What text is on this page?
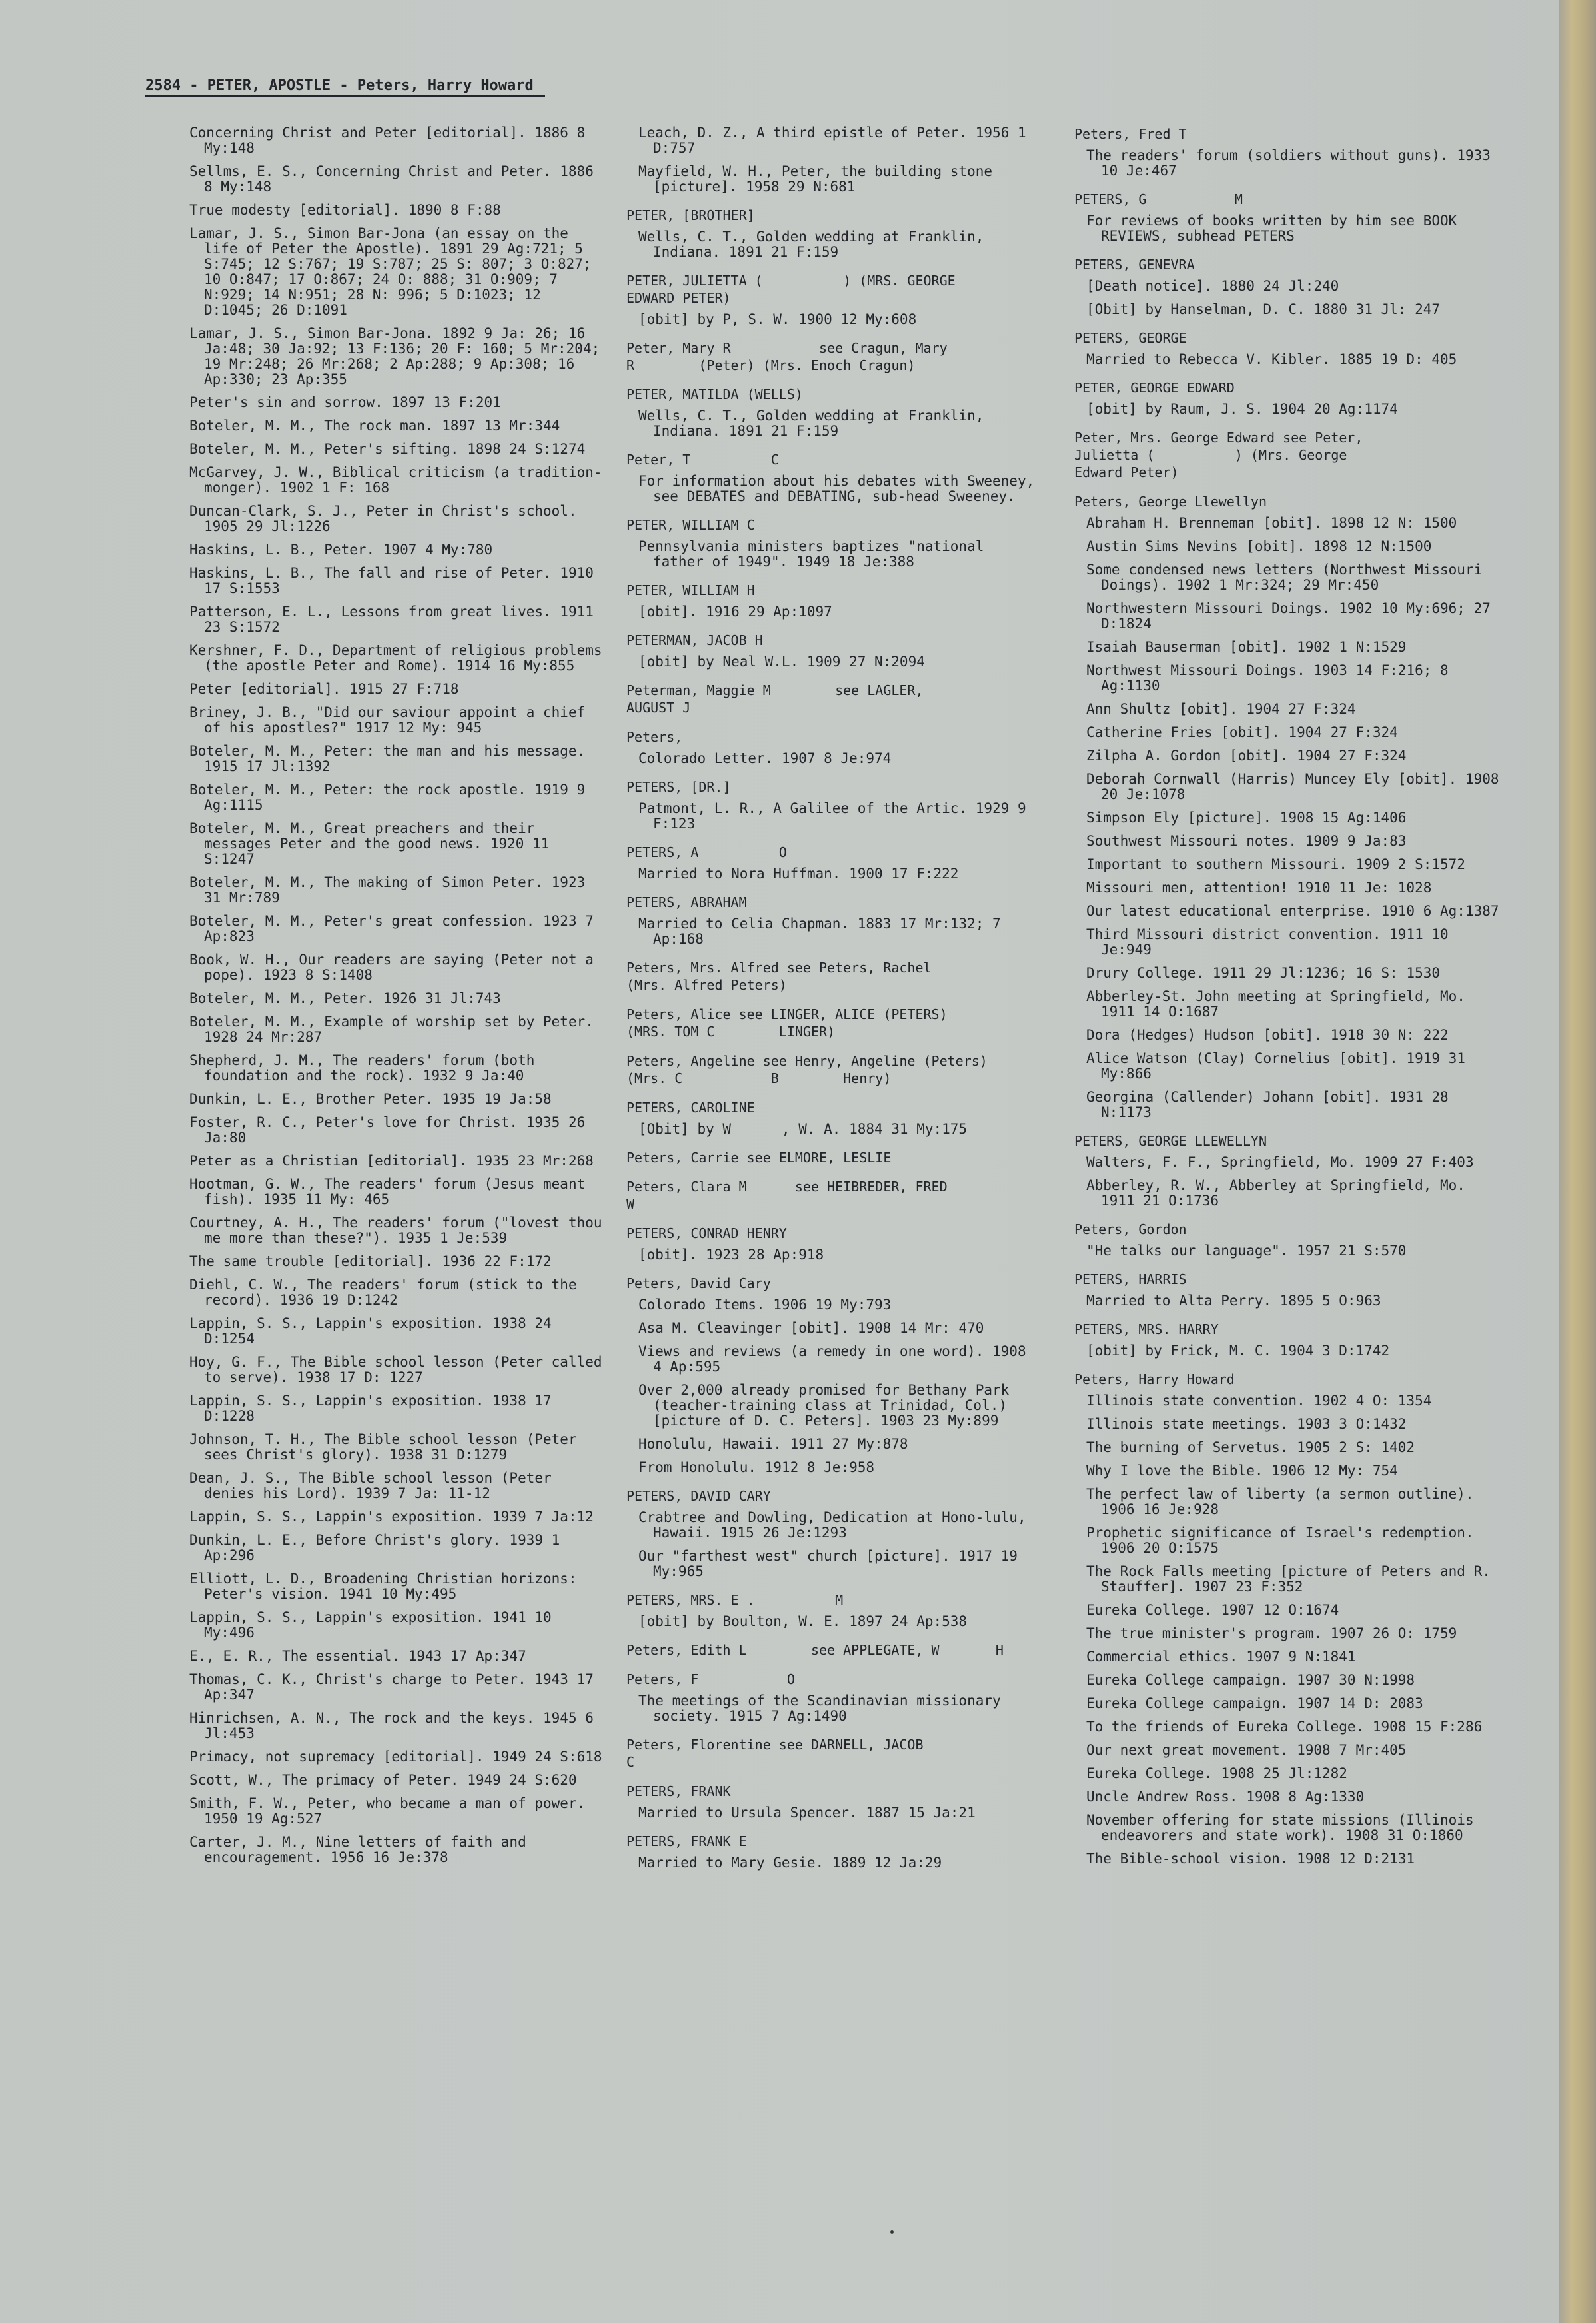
2584 - PETER, APOSTLE - Peters, Harry Howard
Concerning Christ and Peter [editorial]. 1886 8 My:148
Sellms, E. S., Concerning Christ and Peter. 1886 8 My:148
True modesty [editorial]. 1890 8 F:88
Lamar, J. S., Simon Bar-Jona (an essay on the life of Peter the Apostle). 1891 29 Ag:721; 5 S:745; 12 S:767; 19 S:787; 25 S: 807; 3 O:827; 10 O:847; 17 O:867; 24 O: 888; 31 O:909; 7 N:929; 14 N:951; 28 N: 996; 5 D:1023; 12 D:1045; 26 D:1091
Lamar, J. S., Simon Bar-Jona. 1892 9 Ja: 26; 16 Ja:48; 30 Ja:92; 13 F:136; 20 F: 160; 5 Mr:204; 19 Mr:248; 26 Mr:268; 2 Ap:288; 9 Ap:308; 16 Ap:330; 23 Ap:355
Peter's sin and sorrow. 1897 13 F:201
Boteler, M. M., The rock man. 1897 13 Mr:344
Boteler, M. M., Peter's sifting. 1898 24 S:1274
McGarvey, J. W., Biblical criticism (a tradition-monger). 1902 1 F: 168
Duncan-Clark, S. J., Peter in Christ's school. 1905 29 Jl:1226
Haskins, L. B., Peter. 1907 4 My:780
Haskins, L. B., The fall and rise of Peter. 1910 17 S:1553
Patterson, E. L., Lessons from great lives. 1911 23 S:1572
Kershner, F. D., Department of religious problems (the apostle Peter and Rome). 1914 16 My:855
Peter [editorial]. 1915 27 F:718
Briney, J. B., "Did our saviour appoint a chief of his apostles?" 1917 12 My: 945
Boteler, M. M., Peter: the man and his message. 1915 17 Jl:1392
Boteler, M. M., Peter: the rock apostle. 1919 9 Ag:1115
Boteler, M. M., Great preachers and their messages Peter and the good news. 1920 11 S:1247
Boteler, M. M., The making of Simon Peter. 1923 31 Mr:789
Boteler, M. M., Peter's great confession. 1923 7 Ap:823
Book, W. H., Our readers are saying (Peter not a pope). 1923 8 S:1408
Boteler, M. M., Peter. 1926 31 Jl:743
Boteler, M. M., Example of worship set by Peter. 1928 24 Mr:287
Shepherd, J. M., The readers' forum (both foundation and the rock). 1932 9 Ja:40
Dunkin, L. E., Brother Peter. 1935 19 Ja:58
Foster, R. C., Peter's love for Christ. 1935 26 Ja:80
Peter as a Christian [editorial]. 1935 23 Mr:268
Hootman, G. W., The readers' forum (Jesus meant fish). 1935 11 My: 465
Courtney, A. H., The readers' forum ("lovest thou me more than these?"). 1935 1 Je:539
The same trouble [editorial]. 1936 22 F:172
Diehl, C. W., The readers' forum (stick to the record). 1936 19 D:1242
Lappin, S. S., Lappin's exposition. 1938 24 D:1254
Hoy, G. F., The Bible school lesson (Peter called to serve). 1938 17 D: 1227
Lappin, S. S., Lappin's exposition. 1938 17 D:1228
Johnson, T. H., The Bible school lesson (Peter sees Christ's glory). 1938 31 D:1279
Dean, J. S., The Bible school lesson (Peter denies his Lord). 1939 7 Ja: 11-12
Lappin, S. S., Lappin's exposition. 1939 7 Ja:12
Dunkin, L. E., Before Christ's glory. 1939 1 Ap:296
Elliott, L. D., Broadening Christian horizons: Peter's vision. 1941 10 My:495
Lappin, S. S., Lappin's exposition. 1941 10 My:496
E., E. R., The essential. 1943 17 Ap:347
Thomas, C. K., Christ's charge to Peter. 1943 17 Ap:347
Hinrichsen, A. N., The rock and the keys. 1945 6 Jl:453
Primacy, not supremacy [editorial]. 1949 24 S:618
Scott, W., The primacy of Peter. 1949 24 S:620
Smith, F. W., Peter, who became a man of power. 1950 19 Ag:527
Carter, J. M., Nine letters of faith and encouragement. 1956 16 Je:378
Leach, D. Z., A third epistle of Peter. 1956 1 D:757
Mayfield, W. H., Peter, the building stone [picture]. 1958 29 N:681
PETER, [BROTHER]
Wells, C. T., Golden wedding at Franklin, Indiana. 1891 21 F:159
PETER, JULIETTA (          ) (MRS. GEORGE
EDWARD PETER)
[obit] by P, S. W. 1900 12 My:608
Peter, Mary R           see Cragun, Mary
R        (Peter) (Mrs. Enoch Cragun)
PETER, MATILDA (WELLS)
Wells, C. T., Golden wedding at Franklin, Indiana. 1891 21 F:159
Peter, T          C
For information about his debates with Sweeney, see DEBATES and DEBATING, sub-head Sweeney.
PETER, WILLIAM C
Pennsylvania ministers baptizes "national father of 1949". 1949 18 Je:388
PETER, WILLIAM H
[obit]. 1916 29 Ap:1097
PETERMAN, JACOB H
[obit] by Neal W.L. 1909 27 N:2094
Peterman, Maggie M        see LAGLER,
AUGUST J
Peters,
Colorado Letter. 1907 8 Je:974
PETERS, [DR.]
Patmont, L. R., A Galilee of the Artic. 1929 9 F:123
PETERS, A          O
Married to Nora Huffman. 1900 17 F:222
PETERS, ABRAHAM
Married to Celia Chapman. 1883 17 Mr:132; 7 Ap:168
Peters, Mrs. Alfred see Peters, Rachel
(Mrs. Alfred Peters)
Peters, Alice see LINGER, ALICE (PETERS)
(MRS. TOM C        LINGER)
Peters, Angeline see Henry, Angeline (Peters)
(Mrs. C           B        Henry)
PETERS, CAROLINE
[Obit] by W      , W. A. 1884 31 My:175
Peters, Carrie see ELMORE, LESLIE
Peters, Clara M      see HEIBREDER, FRED
W
PETERS, CONRAD HENRY
[obit]. 1923 28 Ap:918
Peters, David Cary
Colorado Items. 1906 19 My:793
Asa M. Cleavinger [obit]. 1908 14 Mr: 470
Views and reviews (a remedy in one word). 1908 4 Ap:595
Over 2,000 already promised for Bethany Park (teacher-training class at Trinidad, Col.) [picture of D. C. Peters]. 1903 23 My:899
Honolulu, Hawaii. 1911 27 My:878
From Honolulu. 1912 8 Je:958
PETERS, DAVID CARY
Crabtree and Dowling, Dedication at Hono-lulu, Hawaii. 1915 26 Je:1293
Our "farthest west" church [picture]. 1917 19 My:965
PETERS, MRS. E .          M
[obit] by Boulton, W. E. 1897 24 Ap:538
Peters, Edith L        see APPLEGATE, W       H
Peters, F           O
The meetings of the Scandinavian missionary society. 1915 7 Ag:1490
Peters, Florentine see DARNELL, JACOB
C
PETERS, FRANK
Married to Ursula Spencer. 1887 15 Ja:21
PETERS, FRANK E
Married to Mary Gesie. 1889 12 Ja:29
Peters, Fred T
The readers' forum (soldiers without guns). 1933 10 Je:467
PETERS, G           M
For reviews of books written by him see BOOK REVIEWS, subhead PETERS
PETERS, GENEVRA
[Death notice]. 1880 24 Jl:240
[Obit] by Hanselman, D. C. 1880 31 Jl: 247
PETERS, GEORGE
Married to Rebecca V. Kibler. 1885 19 D: 405
PETER, GEORGE EDWARD
[obit] by Raum, J. S. 1904 20 Ag:1174
Peter, Mrs. George Edward see Peter,
Julietta (          ) (Mrs. George
Edward Peter)
Peters, George Llewellyn
Abraham H. Brenneman [obit]. 1898 12 N: 1500
Austin Sims Nevins [obit]. 1898 12 N:1500
Some condensed news letters (Northwest Missouri Doings). 1902 1 Mr:324; 29 Mr:450
Northwestern Missouri Doings. 1902 10 My:696; 27 D:1824
Isaiah Bauserman [obit]. 1902 1 N:1529
Northwest Missouri Doings. 1903 14 F:216; 8 Ag:1130
Ann Shultz [obit]. 1904 27 F:324
Catherine Fries [obit]. 1904 27 F:324
Zilpha A. Gordon [obit]. 1904 27 F:324
Deborah Cornwall (Harris) Muncey Ely [obit]. 1908 20 Je:1078
Simpson Ely [picture]. 1908 15 Ag:1406
Southwest Missouri notes. 1909 9 Ja:83
Important to southern Missouri. 1909 2 S:1572
Missouri men, attention! 1910 11 Je: 1028
Our latest educational enterprise. 1910 6 Ag:1387
Third Missouri district convention. 1911 10 Je:949
Drury College. 1911 29 Jl:1236; 16 S: 1530
Abberley-St. John meeting at Springfield, Mo. 1911 14 O:1687
Dora (Hedges) Hudson [obit]. 1918 30 N: 222
Alice Watson (Clay) Cornelius [obit]. 1919 31 My:866
Georgina (Callender) Johann [obit]. 1931 28 N:1173
PETERS, GEORGE LLEWELLYN
Walters, F. F., Springfield, Mo. 1909 27 F:403
Abberley, R. W., Abberley at Springfield, Mo. 1911 21 O:1736
Peters, Gordon
"He talks our language". 1957 21 S:570
PETERS, HARRIS
Married to Alta Perry. 1895 5 O:963
PETERS, MRS. HARRY
[obit] by Frick, M. C. 1904 3 D:1742
Peters, Harry Howard
Illinois state convention. 1902 4 O: 1354
Illinois state meetings. 1903 3 O:1432
The burning of Servetus. 1905 2 S: 1402
Why I love the Bible. 1906 12 My: 754
The perfect law of liberty (a sermon outline). 1906 16 Je:928
Prophetic significance of Israel's redemption. 1906 20 O:1575
The Rock Falls meeting [picture of Peters and R. Stauffer]. 1907 23 F:352
Eureka College. 1907 12 O:1674
The true minister's program. 1907 26 O: 1759
Commercial ethics. 1907 9 N:1841
Eureka College campaign. 1907 30 N:1998
Eureka College campaign. 1907 14 D: 2083
To the friends of Eureka College. 1908 15 F:286
Our next great movement. 1908 7 Mr:405
Eureka College. 1908 25 Jl:1282
Uncle Andrew Ross. 1908 8 Ag:1330
November offering for state missions (Illinois endeavorers and state work). 1908 31 O:1860
The Bible-school vision. 1908 12 D:2131
